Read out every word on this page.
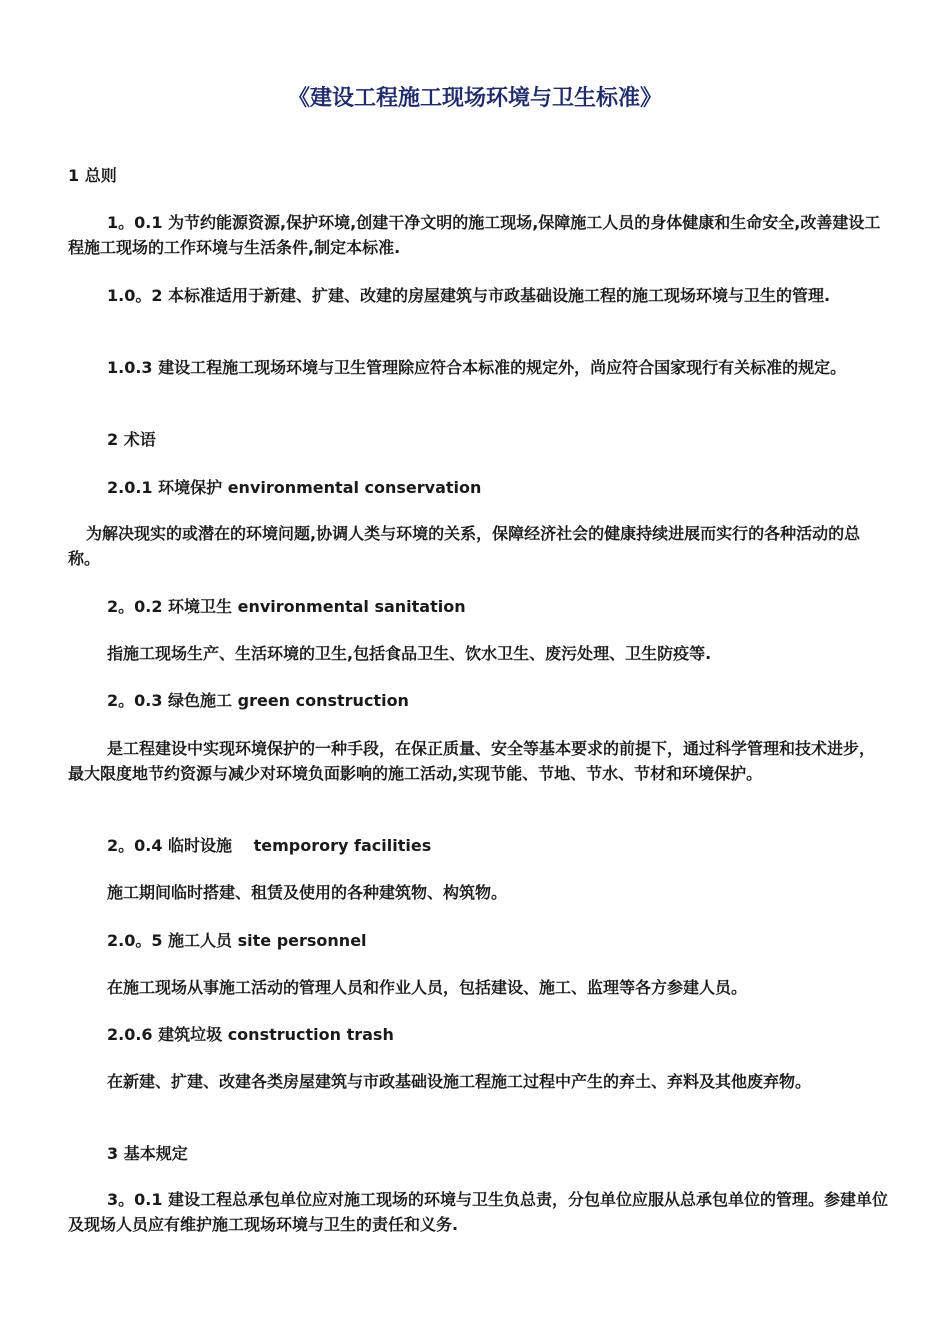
《建设工程施工现场环境与卫生标准》

1 总则

1。0.1 为节约能源资源,保护环境,创建干净文明的施工现场,保障施工人员的身体健康和生命安全,改善建设工程施工现场的工作环境与生活条件,制定本标准.

1.0。2 本标准适用于新建、扩建、改建的房屋建筑与市政基础设施工程的施工现场环境与卫生的管理.

1.0.3 建设工程施工现场环境与卫生管理除应符合本标准的规定外，尚应符合国家现行有关标准的规定。

2 术语

2.0.1 环境保护 environmental conservation

为解决现实的或潜在的环境问题,协调人类与环境的关系，保障经济社会的健康持续进展而实行的各种活动的总称。

2。0.2 环境卫生 environmental sanitation

指施工现场生产、生活环境的卫生,包括食品卫生、饮水卫生、废污处理、卫生防疫等.

2。0.3 绿色施工 green construction

是工程建设中实现环境保护的一种手段，在保正质量、安全等基本要求的前提下，通过科学管理和技术进步，最大限度地节约资源与减少对环境负面影响的施工活动,实现节能、节地、节水、节材和环境保护。

2。0.4 临时设施　 temporory facilities

施工期间临时搭建、租赁及使用的各种建筑物、构筑物。

2.0。5 施工人员 site personnel

在施工现场从事施工活动的管理人员和作业人员，包括建设、施工、监理等各方参建人员。

2.0.6 建筑垃圾 construction trash

在新建、扩建、改建各类房屋建筑与市政基础设施工程施工过程中产生的弃土、弃料及其他废弃物。

3 基本规定

3。0.1 建设工程总承包单位应对施工现场的环境与卫生负总责，分包单位应服从总承包单位的管理。参建单位及现场人员应有维护施工现场环境与卫生的责任和义务.
